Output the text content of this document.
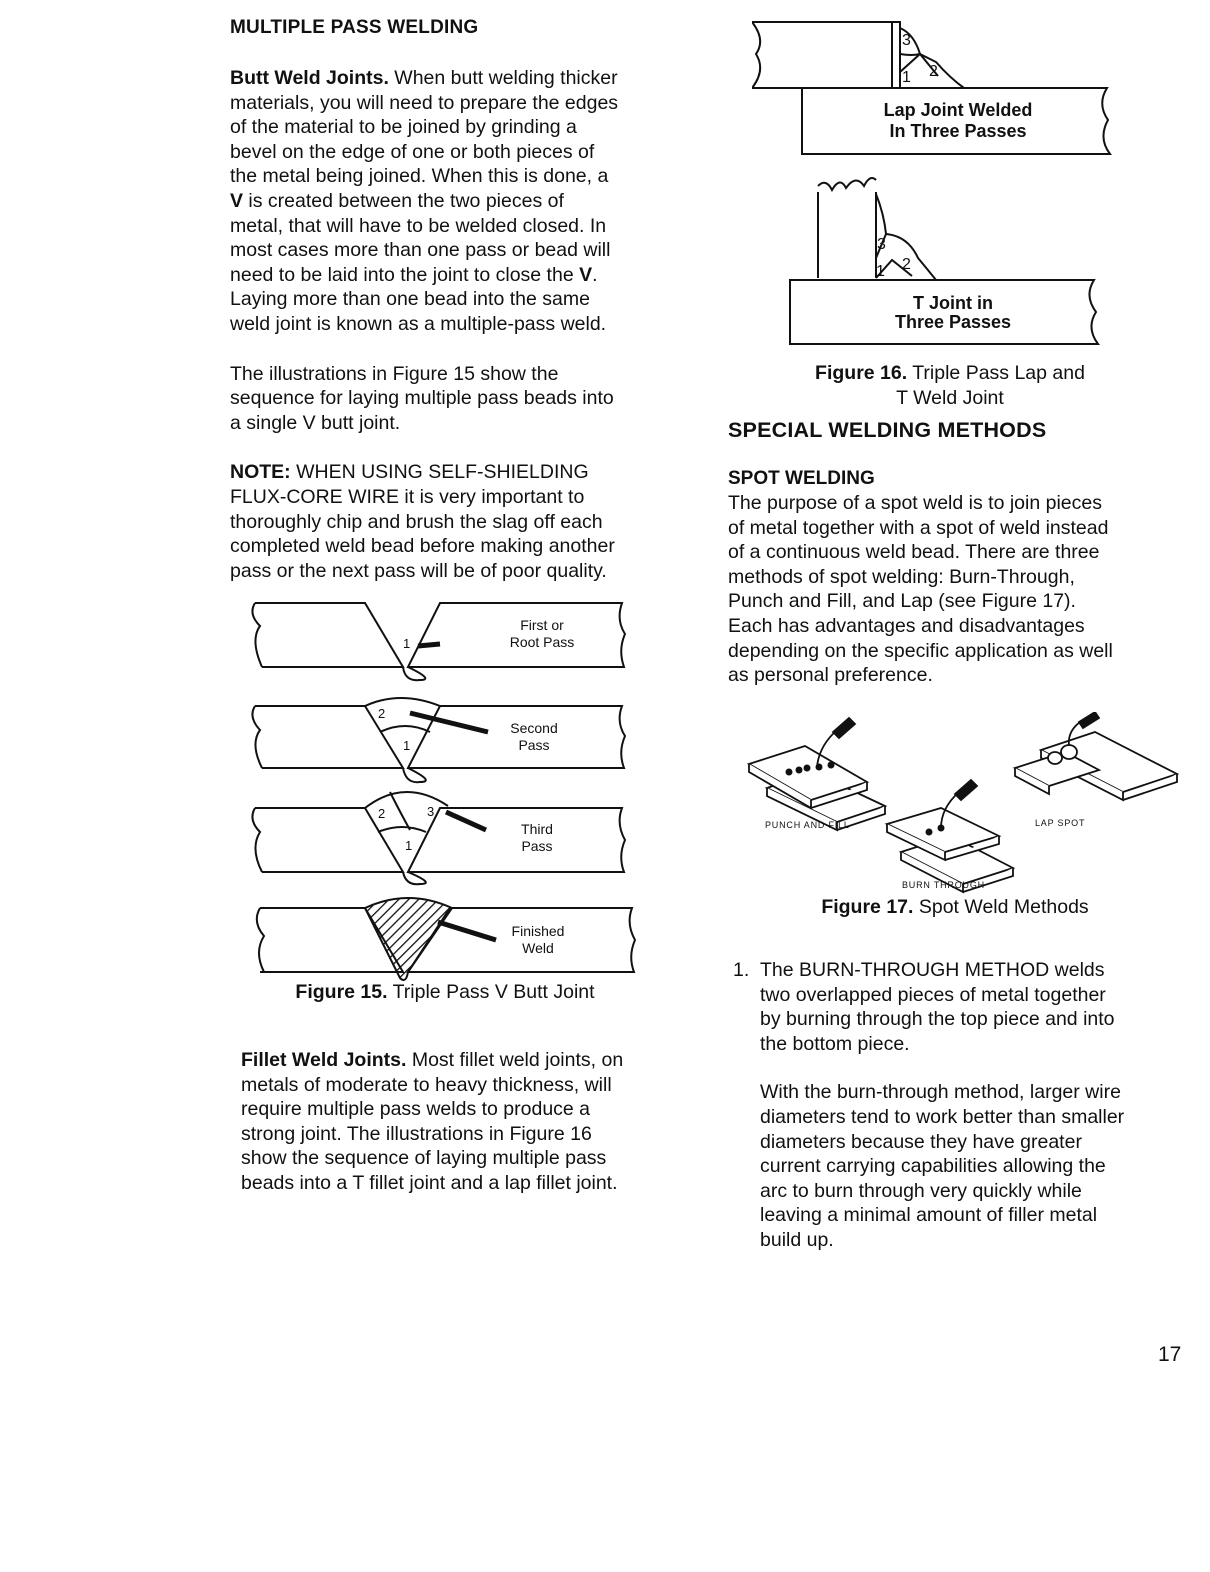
MULTIPLE PASS WELDING

Butt Weld Joints. When butt welding thicker
materials, you will need to prepare the edges
of the material to be joined by grinding a
bevel on the edge of one or both pieces of
the metal being joined. When this is done, a
V is created between the two pieces of
metal, that will have to be welded closed. In
most cases more than one pass or bead will
need to be laid into the joint to close the V.
Laying more than one bead into the same
weld joint is known as a multiple-pass weld.

The illustrations in Figure 15 show the
sequence for laying multiple pass beads into
a single V butt joint.

NOTE: WHEN USING SELF-SHIELDING
FLUX-CORE WIRE it is very important to
thoroughly chip and brush the slag off each
completed weld bead before making another
pass or the next pass will be of poor quality.

First or
Root Pass
Second
Pass
Third
Pass
Finished
Weld
1
2
1
2	3
1
Figure 15. Triple Pass V Butt Joint

Fillet Weld Joints. Most fillet weld joints, on
metals of moderate to heavy thickness, will
require multiple pass welds to produce a
strong joint. The illustrations in Figure 16
show the sequence of laying multiple pass
beads into a T fillet joint and a lap fillet joint.

3
1 2
3
1 2
Lap Joint Welded
In Three Passes
T Joint in
Three Passes
Figure 16. Triple Pass Lap and
T Weld Joint
SPECIAL WELDING METHODS
SPOT WELDING

The purpose of a spot weld is to join pieces
of metal together with a spot of weld instead
of a continuous weld bead. There are three
methods of spot welding: Burn-Through,
Punch and Fill, and Lap (see Figure 17).
Each has advantages and disadvantages
depending on the specific application as well
as personal preference.

PUNCH AND FILL	LAP SPOT
BURN THROUGH
Figure 17. Spot Weld Methods
1. The BURN-THROUGH METHOD welds
two overlapped pieces of metal together
by burning through the top piece and into
the bottom piece.

With the burn-through method, larger wire
diameters tend to work better than smaller
diameters because they have greater
current carrying capabilities allowing the
arc to burn through very quickly while
leaving a minimal amount of filler metal
build up.

17
